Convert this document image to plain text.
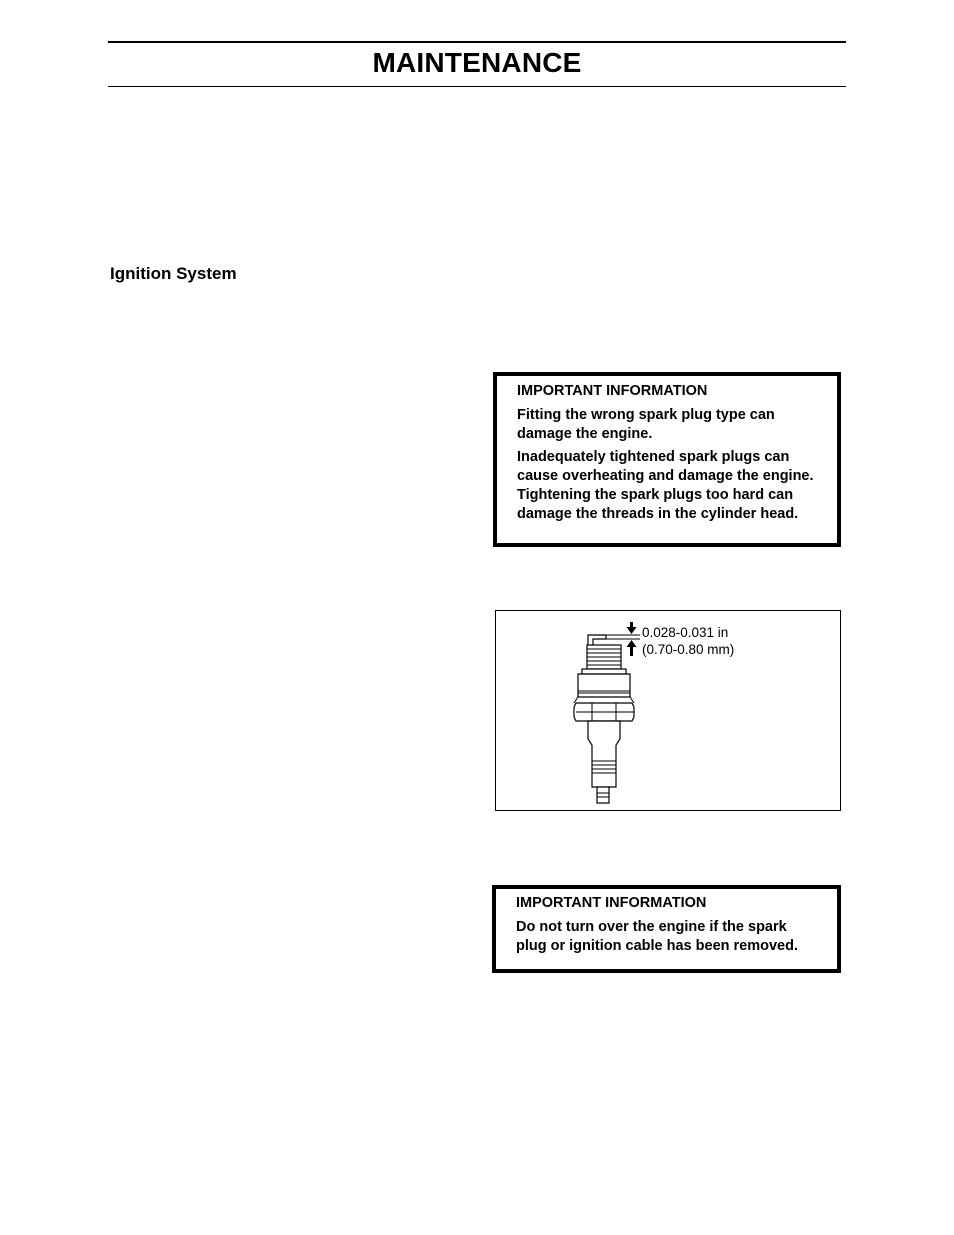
MAINTENANCE
Ignition System
IMPORTANT INFORMATION
Fitting the wrong spark plug type can damage the engine.
Inadequately tightened spark plugs can cause overheating and damage the engine. Tightening the spark plugs too hard can damage the threads in the cylinder head.
0.028-0.031 in
(0.70-0.80 mm)
IMPORTANT INFORMATION
Do not turn over the engine if the spark plug or ignition cable has been removed.
